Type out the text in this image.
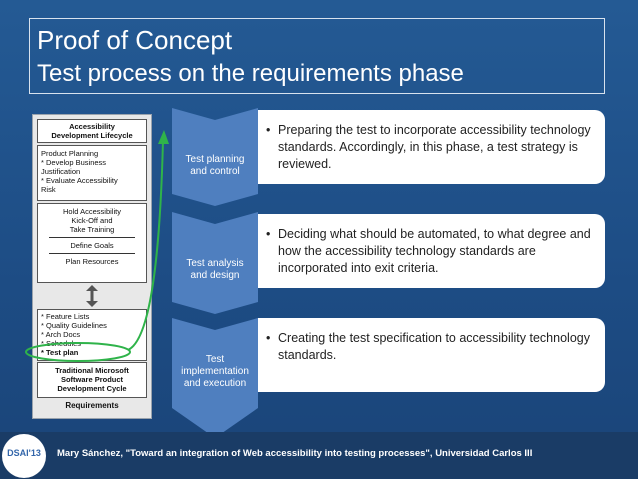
Proof of Concept
Test process on the requirements phase
Accessibility
Development Lifecycle
Product Planning
* Develop Business
Justification
* Evaluate Accessibility
Risk
Hold Accessibility
Kick-Off and
Take Training
Define Goals
Plan Resources
* Feature Lists
* Quality Guidelines
* Arch Docs
* Schedules
* Test plan
Traditional Microsoft
Software Product
Development Cycle
Requirements
Test planning
and control
Test analysis
and design
Test
implementation
and execution
• Preparing the test to incorporate accessibility technology standards. Accordingly, in this phase, a test strategy is reviewed.
• Deciding what should be automated, to what degree and how the accessibility technology standards are incorporated into exit criteria.
• Creating the test specification to accessibility technology standards.
DSAI'13	Mary Sánchez, "Toward an integration of Web accessibility into testing processes", Universidad Carlos III
